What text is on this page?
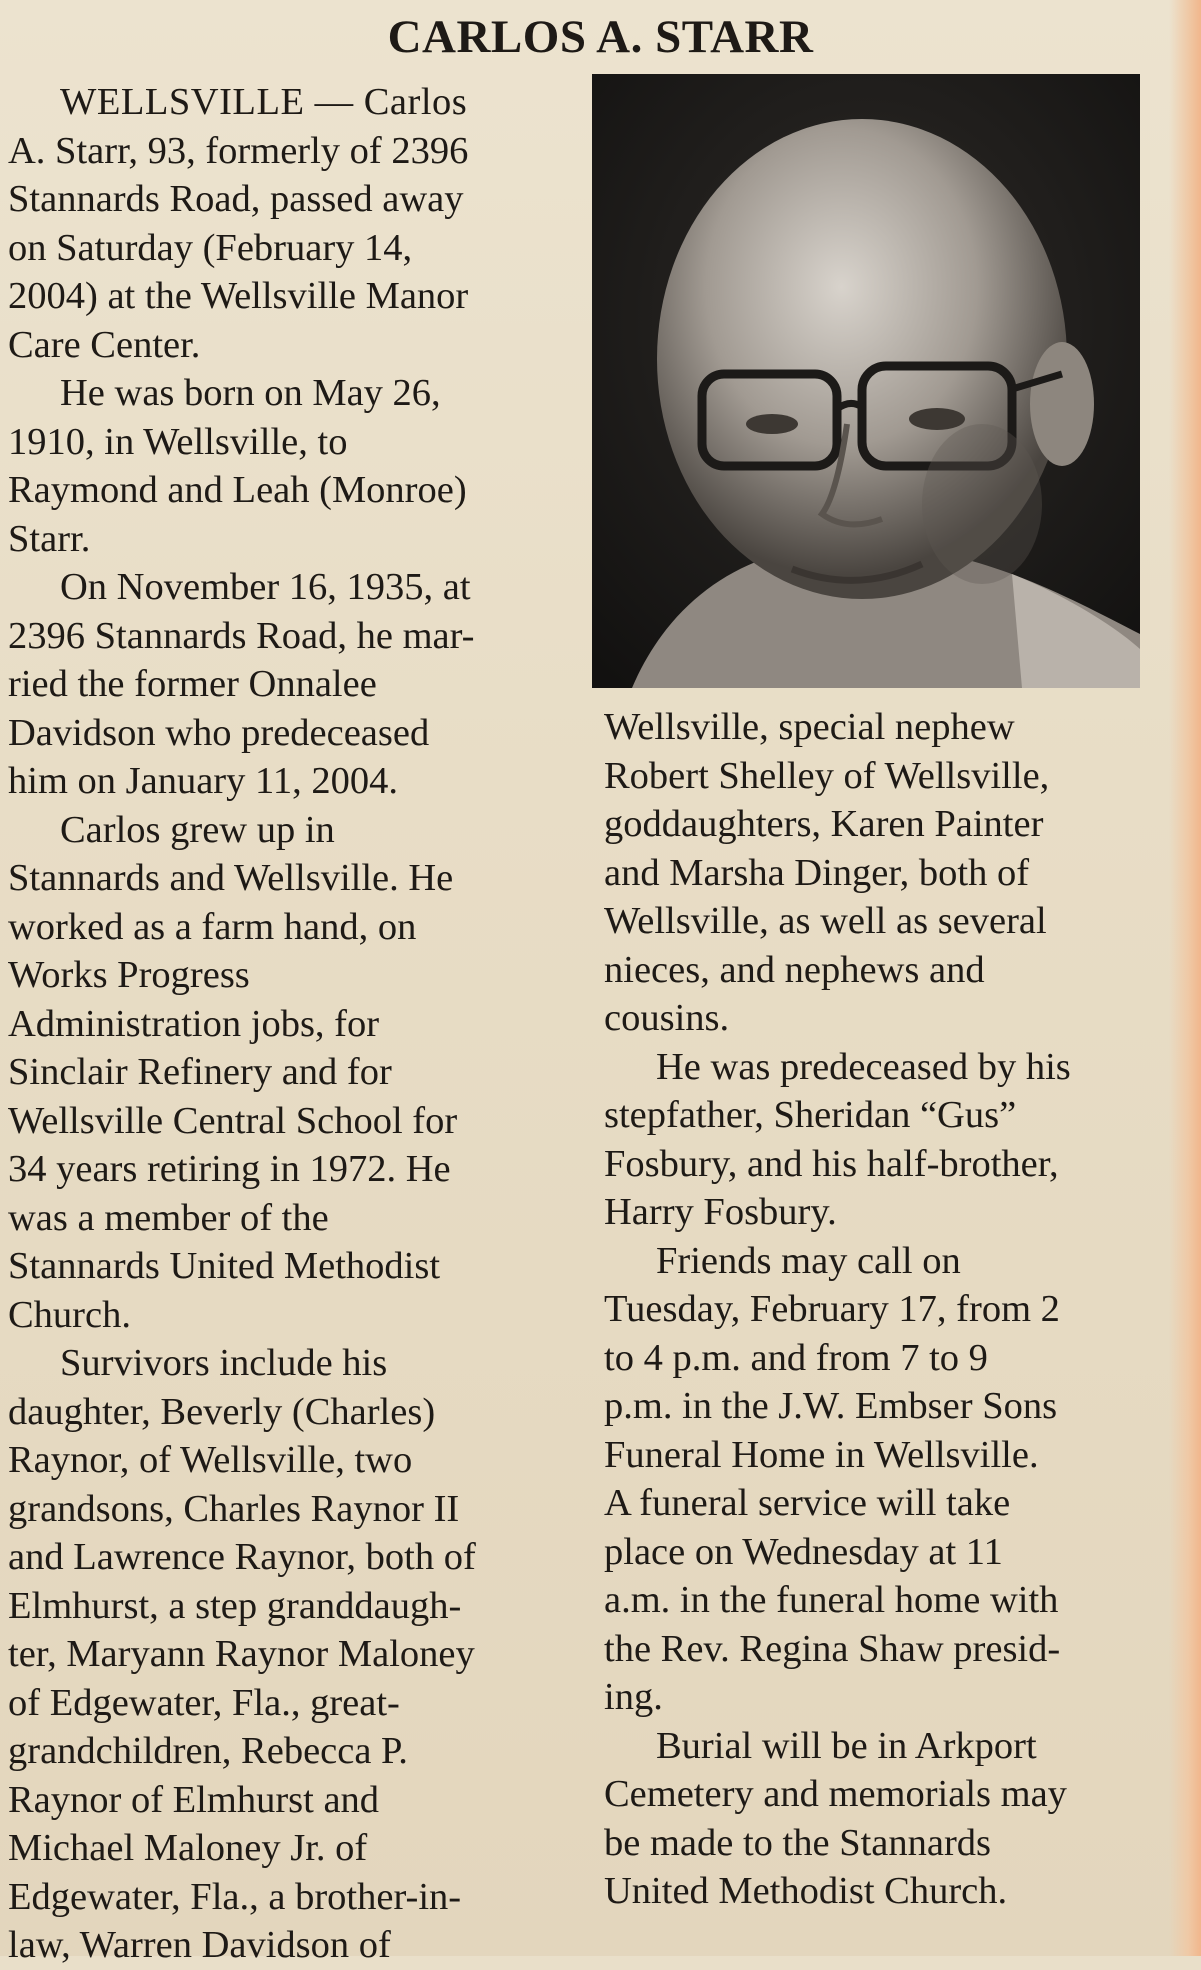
CARLOS A. STARR

WELLSVILLE — Carlos
A. Starr, 93, formerly of 2396
Stannards Road, passed away
on Saturday (February 14,
2004) at the Wellsville Manor
Care Center.

He was born on May 26,
1910, in Wellsville, to
Raymond and Leah (Monroe)
Starr.

On November 16, 1935, at
2396 Stannards Road, he mar-
ried the former Onnalee
Davidson who predeceased
him on January 11, 2004.

Carlos grew up in
Stannards and Wellsville. He
worked as a farm hand, on
Works Progress
Administration jobs, for
Sinclair Refinery and for
Wellsville Central School for
34 years retiring in 1972. He
was a member of the
Stannards United Methodist
Church.

Survivors include his
daughter, Beverly (Charles)
Raynor, of Wellsville, two
grandsons, Charles Raynor II
and Lawrence Raynor, both of
Elmhurst, a step granddaugh-
ter, Maryann Raynor Maloney
of Edgewater, Fla., great-
grandchildren, Rebecca P.
Raynor of Elmhurst and
Michael Maloney Jr. of
Edgewater, Fla., a brother-in-
law, Warren Davidson of

Wellsville, special nephew
Robert Shelley of Wellsville,
goddaughters, Karen Painter
and Marsha Dinger, both of
Wellsville, as well as several
nieces, and nephews and
cousins.

He was predeceased by his
stepfather, Sheridan “Gus”
Fosbury, and his half-brother,
Harry Fosbury.

Friends may call on
Tuesday, February 17, from 2
to 4 p.m. and from 7 to 9
p.m. in the J.W. Embser Sons
Funeral Home in Wellsville.
A funeral service will take
place on Wednesday at 11
a.m. in the funeral home with
the Rev. Regina Shaw presid-
ing.

Burial will be in Arkport
Cemetery and memorials may
be made to the Stannards
United Methodist Church.
